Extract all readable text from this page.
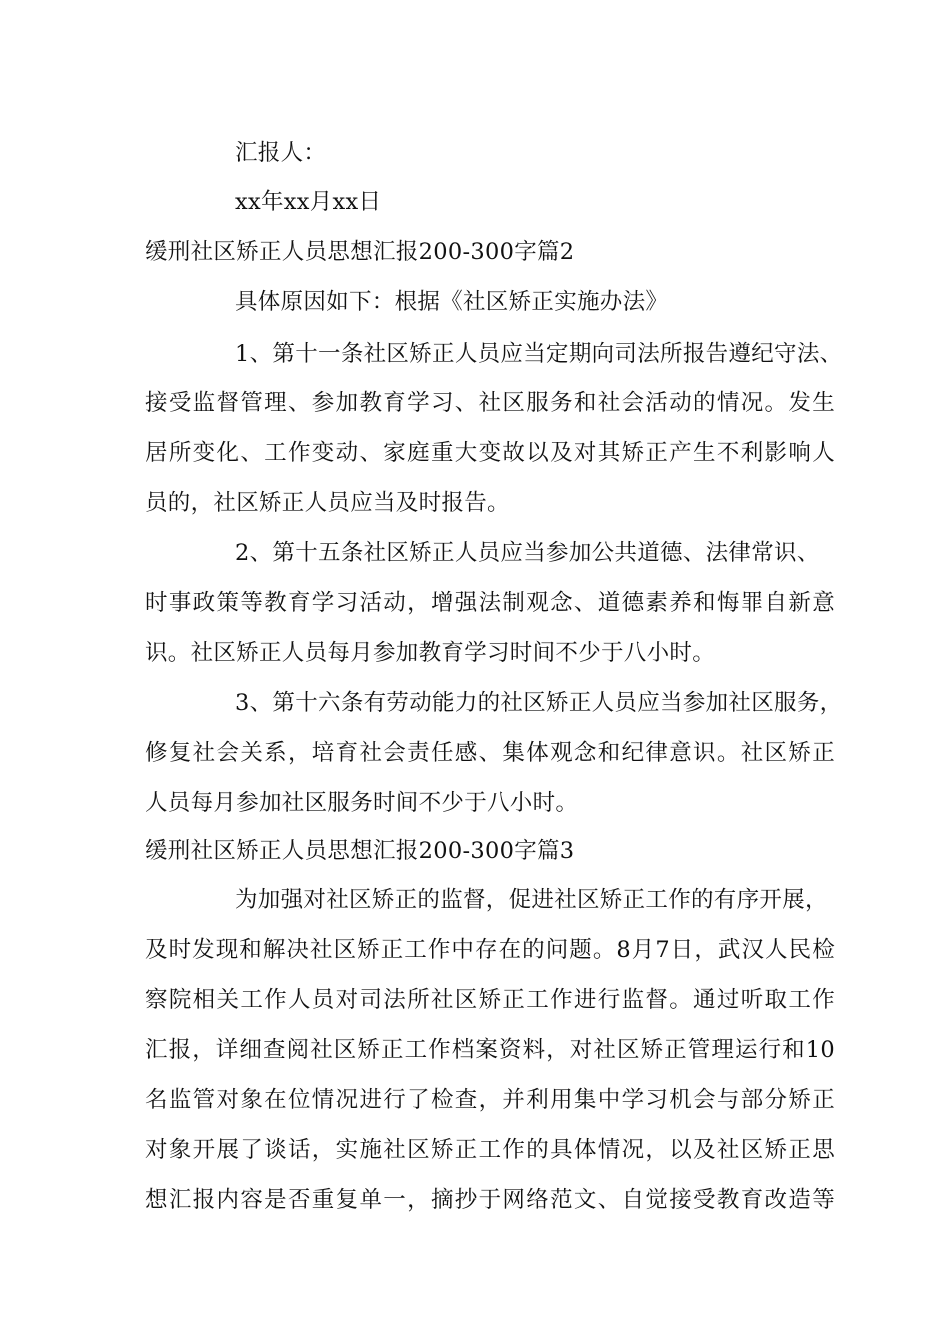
汇报人：
xx年xx月xx日
缓刑社区矫正人员思想汇报200-300字篇2
具体原因如下：根据《社区矫正实施办法》
1、第十一条社区矫正人员应当定期向司法所报告遵纪守法、
接受监督管理、参加教育学习、社区服务和社会活动的情况。发生
居所变化、工作变动、家庭重大变故以及对其矫正产生不利影响人
员的，社区矫正人员应当及时报告。
2、第十五条社区矫正人员应当参加公共道德、法律常识、
时事政策等教育学习活动，增强法制观念、道德素养和悔罪自新意
识。社区矫正人员每月参加教育学习时间不少于八小时。
3、第十六条有劳动能力的社区矫正人员应当参加社区服务，
修复社会关系，培育社会责任感、集体观念和纪律意识。社区矫正
人员每月参加社区服务时间不少于八小时。
缓刑社区矫正人员思想汇报200-300字篇3
为加强对社区矫正的监督，促进社区矫正工作的有序开展，
及时发现和解决社区矫正工作中存在的问题。8月7日，武汉人民检
察院相关工作人员对司法所社区矫正工作进行监督。通过听取工作
汇报，详细查阅社区矫正工作档案资料，对社区矫正管理运行和10
名监管对象在位情况进行了检查，并利用集中学习机会与部分矫正
对象开展了谈话，实施社区矫正工作的具体情况，以及社区矫正思
想汇报内容是否重复单一，摘抄于网络范文、自觉接受教育改造等
